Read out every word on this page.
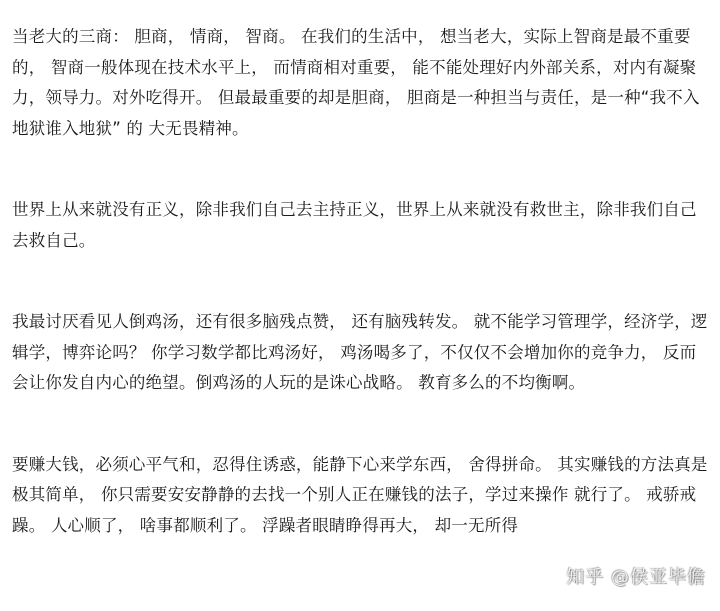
当老大的三商： 胆商， 情商， 智商。 在我们的生活中， 想当老大，实际上智商是最不重要的， 智商一般体现在技术水平上， 而情商相对重要， 能不能处理好内外部关系，对内有凝聚力，领导力。对外吃得开。 但最最重要的却是胆商， 胆商是一种担当与责任，是一种“我不入地狱谁入地狱” 的 大无畏精神。

世界上从来就没有正义，除非我们自己去主持正义，世界上从来就没有救世主，除非我们自己去救自己。

我最讨厌看见人倒鸡汤，还有很多脑残点赞， 还有脑残转发。 就不能学习管理学，经济学，逻辑学，博弈论吗？ 你学习数学都比鸡汤好， 鸡汤喝多了，不仅仅不会增加你的竞争力， 反而会让你发自内心的绝望。倒鸡汤的人玩的是诛心战略。 教育多么的不均衡啊。

要赚大钱，必须心平气和，忍得住诱惑，能静下心来学东西， 舍得拼命。 其实赚钱的方法真是极其简单， 你只需要安安静静的去找一个别人正在赚钱的法子，学过来操作 就行了。 戒骄戒躁。 人心顺了， 啥事都顺利了。 浮躁者眼睛睁得再大， 却一无所得

知乎 @侯亚毕儋
